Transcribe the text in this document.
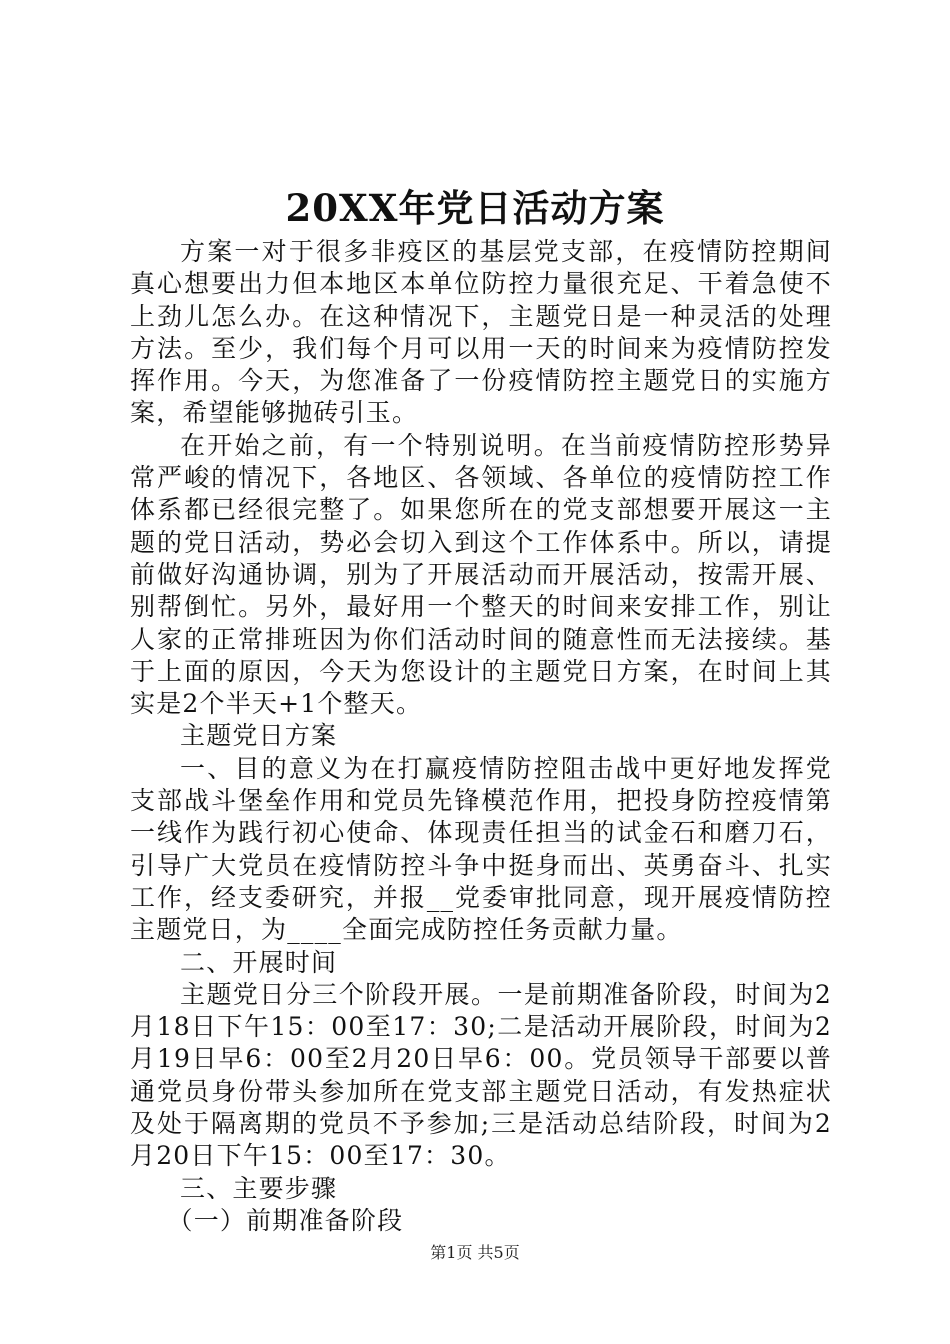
20XX年党日活动方案

方案一对于很多非疫区的基层党支部，在疫情防控期间真心想要出力但本地区本单位防控力量很充足、干着急使不上劲儿怎么办。在这种情况下，主题党日是一种灵活的处理方法。至少，我们每个月可以用一天的时间来为疫情防控发挥作用。今天，为您准备了一份疫情防控主题党日的实施方案，希望能够抛砖引玉。

在开始之前，有一个特别说明。在当前疫情防控形势异常严峻的情况下，各地区、各领域、各单位的疫情防控工作体系都已经很完整了。如果您所在的党支部想要开展这一主题的党日活动，势必会切入到这个工作体系中。所以，请提前做好沟通协调，别为了开展活动而开展活动，按需开展、别帮倒忙。另外，最好用一个整天的时间来安排工作，别让人家的正常排班因为你们活动时间的随意性而无法接续。基于上面的原因，今天为您设计的主题党日方案，在时间上其实是2个半天+1个整天。

主题党日方案

一、目的意义为在打赢疫情防控阻击战中更好地发挥党支部战斗堡垒作用和党员先锋模范作用，把投身防控疫情第一线作为践行初心使命、体现责任担当的试金石和磨刀石，引导广大党员在疫情防控斗争中挺身而出、英勇奋斗、扎实工作，经支委研究，并报__党委审批同意，现开展疫情防控主题党日，为____全面完成防控任务贡献力量。

二、开展时间

主题党日分三个阶段开展。一是前期准备阶段，时间为2月18日下午15：00至17：30;二是活动开展阶段，时间为2月19日早6：00至2月20日早6：00。党员领导干部要以普通党员身份带头参加所在党支部主题党日活动，有发热症状及处于隔离期的党员不予参加;三是活动总结阶段，时间为2月20日下午15：00至17：30。

三、主要步骤

（一）前期准备阶段

第1页 共5页
